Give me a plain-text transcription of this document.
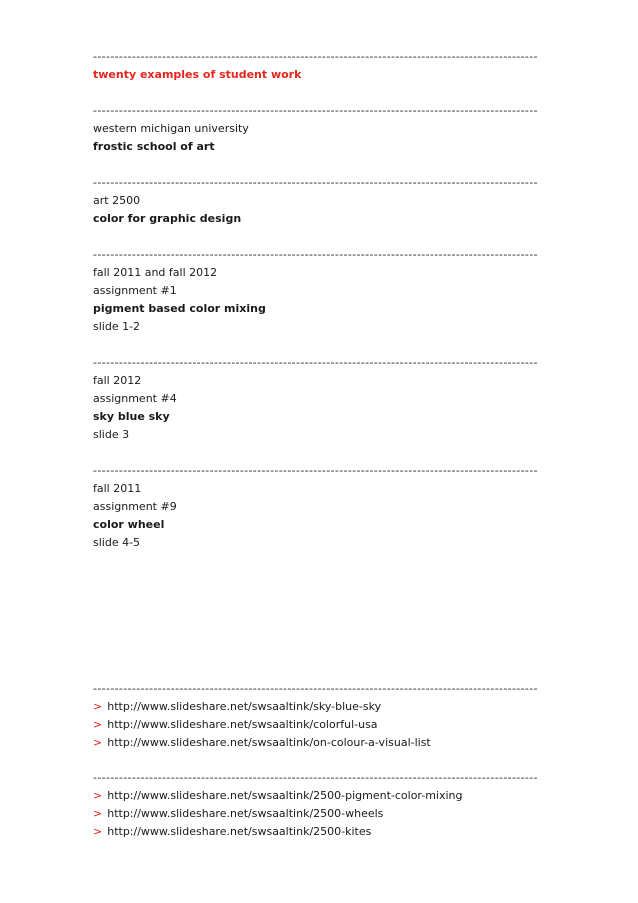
-------------------------------------------------------------------------------------------------------
twenty examples of student work
-------------------------------------------------------------------------------------------------------
western michigan university
frostic school of art
-------------------------------------------------------------------------------------------------------
art 2500
color for graphic design
-------------------------------------------------------------------------------------------------------
fall 2011 and fall 2012
assignment #1
pigment based color mixing
slide 1-2
-------------------------------------------------------------------------------------------------------
fall 2012
assignment #4
sky blue sky
slide 3
-------------------------------------------------------------------------------------------------------
fall 2011
assignment #9
color wheel
slide 4-5
-------------------------------------------------------------------------------------------------------
> http://www.slideshare.net/swsaaltink/sky-blue-sky
> http://www.slideshare.net/swsaaltink/colorful-usa
> http://www.slideshare.net/swsaaltink/on-colour-a-visual-list
-------------------------------------------------------------------------------------------------------
> http://www.slideshare.net/swsaaltink/2500-pigment-color-mixing
> http://www.slideshare.net/swsaaltink/2500-wheels
> http://www.slideshare.net/swsaaltink/2500-kites
